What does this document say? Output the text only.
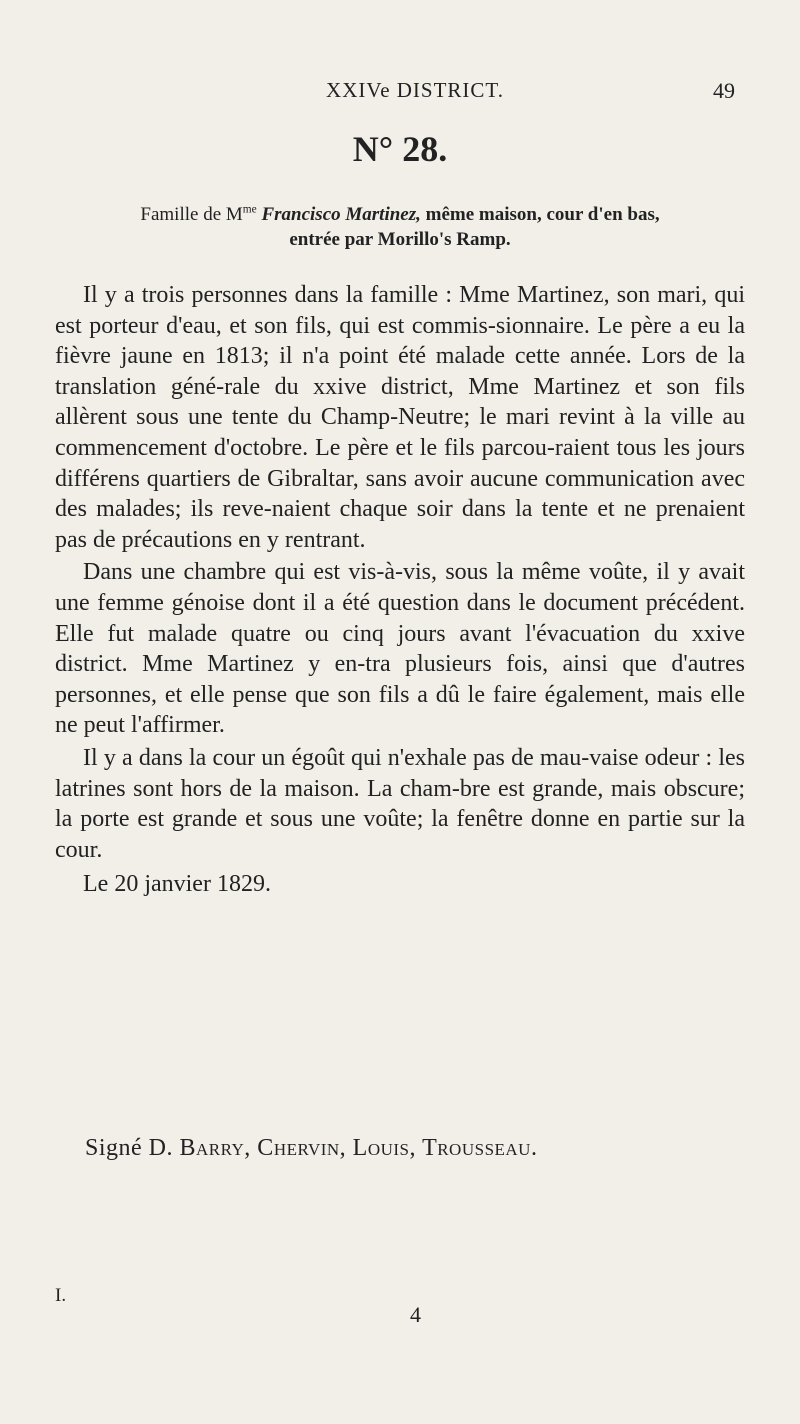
XXIVe DISTRICT.	49
N° 28.
Famille de $M^{me}$ Francisco Martinez, même maison, cour d'en bas,
entrée par Morillo's Ramp.

Il y a trois personnes dans la famille : Mme Martinez, son mari, qui est porteur d'eau, et son fils, qui est commis-sionnaire. Le père a eu la fièvre jaune en 1813; il n'a point été malade cette année. Lors de la translation géné-rale du xxive district, Mme Martinez et son fils allèrent sous une tente du Champ-Neutre; le mari revint à la ville au commencement d'octobre. Le père et le fils parcou-raient tous les jours différens quartiers de Gibraltar, sans avoir aucune communication avec des malades; ils reve-naient chaque soir dans la tente et ne prenaient pas de précautions en y rentrant.

Dans une chambre qui est vis-à-vis, sous la même voûte, il y avait une femme génoise dont il a été question dans le document précédent. Elle fut malade quatre ou cinq jours avant l'évacuation du xxive district. Mme Martinez y en-tra plusieurs fois, ainsi que d'autres personnes, et elle pense que son fils a dû le faire également, mais elle ne peut l'affirmer.

Il y a dans la cour un égoût qui n'exhale pas de mau-vaise odeur : les latrines sont hors de la maison. La cham-bre est grande, mais obscure; la porte est grande et sous une voûte; la fenêtre donne en partie sur la cour.

Le 20 janvier 1829.

Signé D. Barry, Chervin, Louis, Trousseau.
I.
4
